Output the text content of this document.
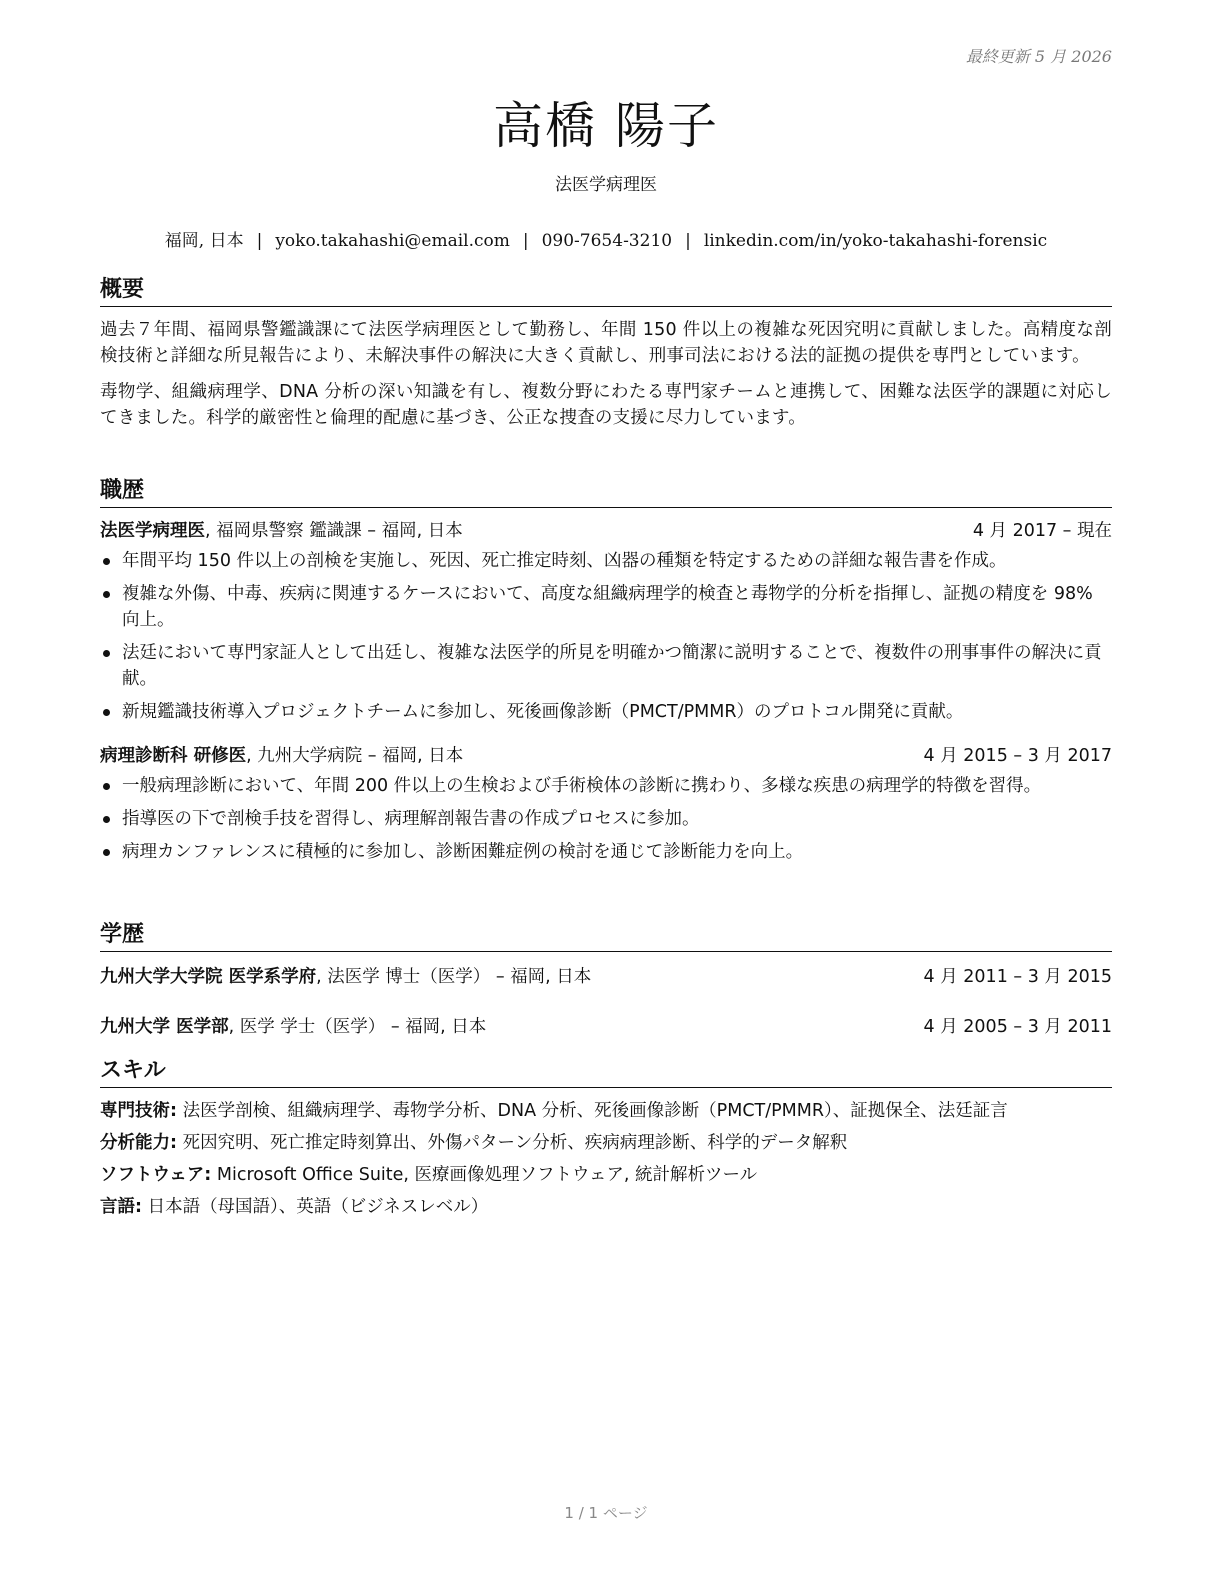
最終更新 5 月 2026
高橋 陽子
法医学病理医
福岡, 日本 | yoko.takahashi@email.com | 090-7654-3210 | linkedin.com/in/yoko-takahashi-forensic
概要

過去７年間、福岡県警鑑識課にて法医学病理医として勤務し、年間 150 件以上の複雑な死因究明に貢献しました。高精度な剖検技術と詳細な所見報告により、未解決事件の解決に大きく貢献し、刑事司法における法的証拠の提供を専門としています。

毒物学、組織病理学、DNA 分析の深い知識を有し、複数分野にわたる専門家チームと連携して、困難な法医学的課題に対応してきました。科学的厳密性と倫理的配慮に基づき、公正な捜査の支援に尽力しています。

職歴
法医学病理医, 福岡県警察 鑑識課 – 福岡, 日本	4 月 2017 – 現在
年間平均 150 件以上の剖検を実施し、死因、死亡推定時刻、凶器の種類を特定するための詳細な報告書を作成。
複雑な外傷、中毒、疾病に関連するケースにおいて、高度な組織病理学的検査と毒物学的分析を指揮し、証拠の精度を 98% 向上。
法廷において専門家証人として出廷し、複雑な法医学的所見を明確かつ簡潔に説明することで、複数件の刑事事件の解決に貢献。
新規鑑識技術導入プロジェクトチームに参加し、死後画像診断（PMCT/PMMR）のプロトコル開発に貢献。
病理診断科 研修医, 九州大学病院 – 福岡, 日本	4 月 2015 – 3 月 2017
一般病理診断において、年間 200 件以上の生検および手術検体の診断に携わり、多様な疾患の病理学的特徴を習得。
指導医の下で剖検手技を習得し、病理解剖報告書の作成プロセスに参加。
病理カンファレンスに積極的に参加し、診断困難症例の検討を通じて診断能力を向上。
学歴
九州大学大学院 医学系学府, 法医学 博士（医学） – 福岡, 日本	4 月 2011 – 3 月 2015
九州大学 医学部, 医学 学士（医学） – 福岡, 日本	4 月 2005 – 3 月 2011
スキル
専門技術: 法医学剖検、組織病理学、毒物学分析、DNA 分析、死後画像診断（PMCT/PMMR）、証拠保全、法廷証言
分析能力: 死因究明、死亡推定時刻算出、外傷パターン分析、疾病病理診断、科学的データ解釈
ソフトウェア: Microsoft Office Suite, 医療画像処理ソフトウェア, 統計解析ツール
言語: 日本語（母国語）、英語（ビジネスレベル）
1 / 1 ページ
